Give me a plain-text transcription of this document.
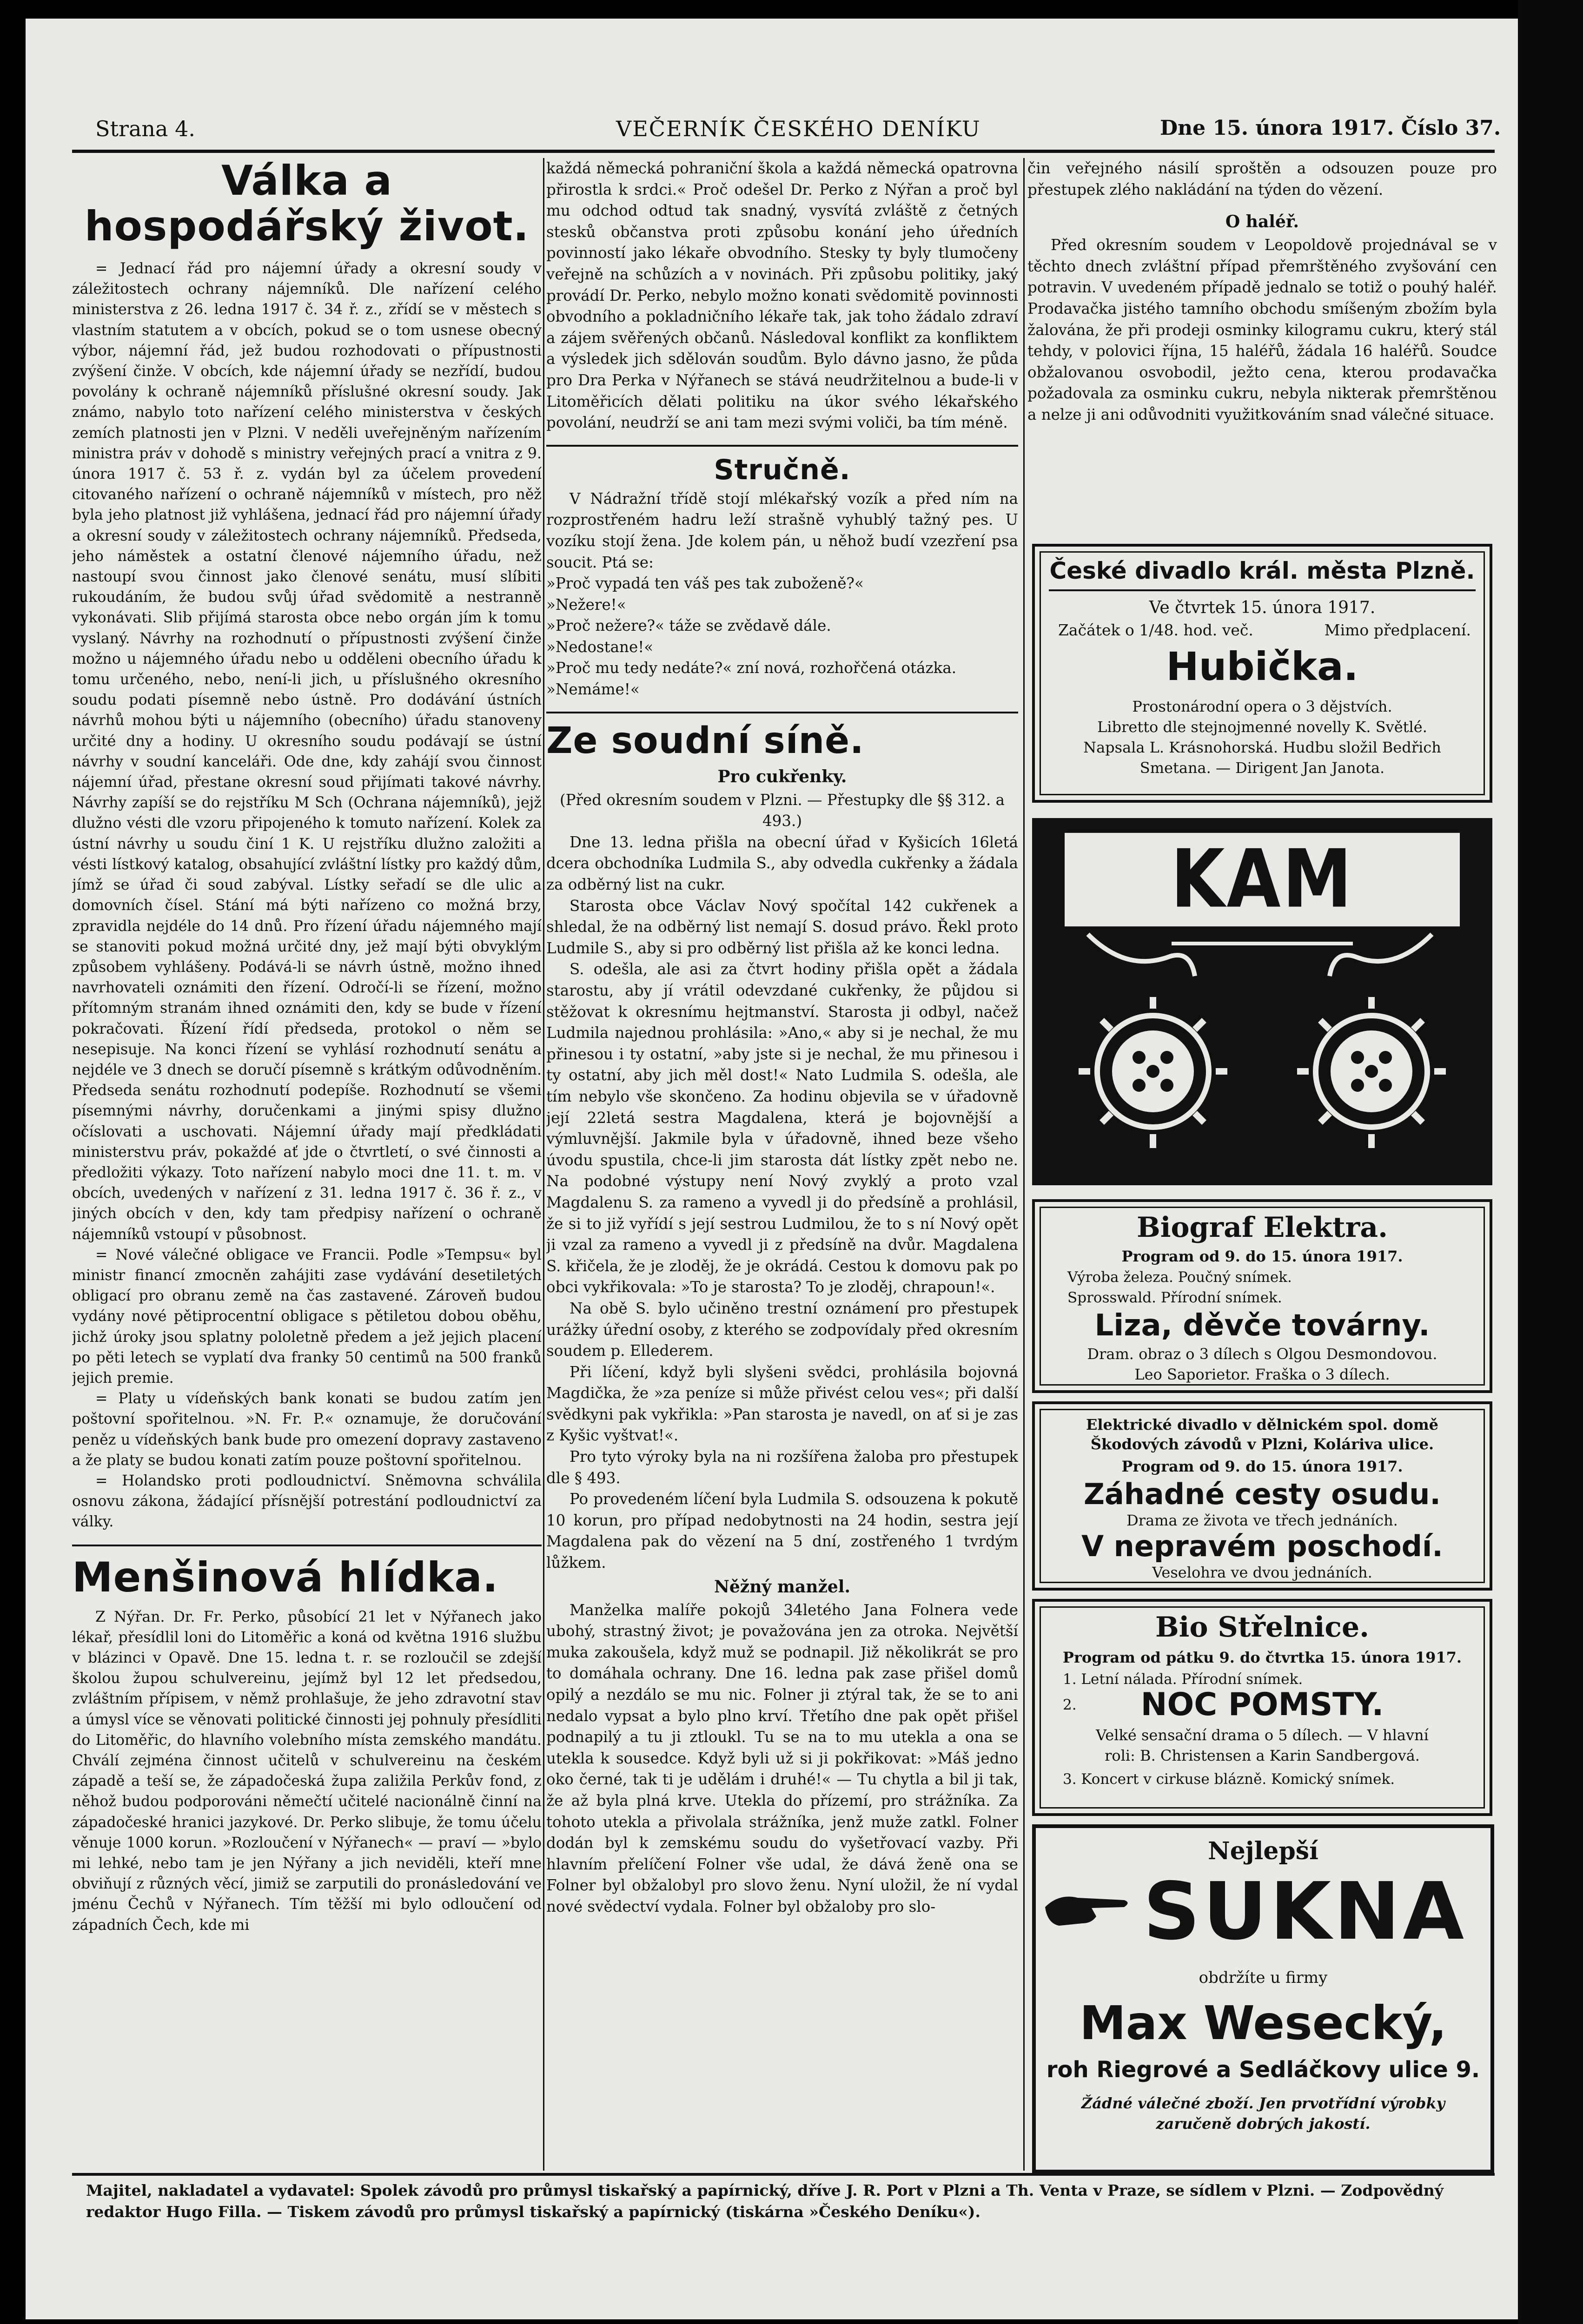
Strana 4.	VEČERNÍK ČESKÉHO DENÍKU	Dne 15. února 1917. Číslo 37.
Válka a hospodářský život.

= Jednací řád pro nájemní úřady a okresní soudy v záležitostech ochrany nájemníků. Dle nařízení celého ministerstva z 26. ledna 1917 č. 34 ř. z., zřídí se v městech s vlastním statutem a v obcích, pokud se o tom usnese obecný výbor, nájemní řád, jež budou rozhodovati o přípustnosti zvýšení činže. V obcích, kde nájemní úřady se nezřídí, budou povolány k ochraně nájemníků příslušné okresní soudy. Jak známo, nabylo toto nařízení celého ministerstva v českých zemích platnosti jen v Plzni. V neděli uveřejněným nařízením ministra práv v dohodě s ministry veřejných prací a vnitra z 9. února 1917 č. 53 ř. z. vydán byl za účelem provedení citovaného nařízení o ochraně nájemníků v místech, pro něž byla jeho platnost již vyhlášena, jednací řád pro nájemní úřady a okresní soudy v záležitostech ochrany nájemníků. Předseda, jeho náměstek a ostatní členové nájemního úřadu, než nastoupí svou činnost jako členové senátu, musí slíbiti rukoudáním, že budou svůj úřad svědomitě a nestranně vykonávati. Slib přijímá starosta obce nebo orgán jím k tomu vyslaný. Návrhy na rozhodnutí o přípustnosti zvýšení činže možno u nájemného úřadu nebo u odděleni obecního úřadu k tomu určeného, nebo, není-li jich, u příslušného okresního soudu podati písemně nebo ústně. Pro dodávání ústních návrhů mohou býti u nájemního (obecního) úřadu stanoveny určité dny a hodiny. U okresního soudu podávají se ústní návrhy v soudní kanceláři. Ode dne, kdy zahájí svou činnost nájemní úřad, přestane okresní soud přijímati takové návrhy. Návrhy zapíší se do rejstříku M Sch (Ochrana nájemníků), jejž dlužno vésti dle vzoru připojeného k tomuto nařízení. Kolek za ústní návrhy u soudu činí 1 K. U rejstříku dlužno založiti a vésti lístkový katalog, obsahující zvláštní lístky pro každý dům, jímž se úřad či soud zabýval. Lístky seřadí se dle ulic a domovních čísel. Stání má býti nařízeno co možná brzy, zpravidla nejdéle do 14 dnů. Pro řízení úřadu nájemného mají se stanoviti pokud možná určité dny, jež mají býti obvyklým způsobem vyhlášeny. Podává-li se návrh ústně, možno ihned navrhovateli oznámiti den řízení. Odročí-li se řízení, možno přítomným stranám ihned oznámiti den, kdy se bude v řízení pokračovati. Řízení řídí předseda, protokol o něm se nesepisuje. Na konci řízení se vyhlásí rozhodnutí senátu a nejdéle ve 3 dnech se doručí písemně s krátkým odůvodněním. Předseda senátu rozhodnutí podepíše. Rozhodnutí se všemi písemnými návrhy, doručenkami a jinými spisy dlužno očíslovati a uschovati. Nájemní úřady mají předkládati ministerstvu práv, pokaždé ať jde o čtvrtletí, o své činnosti a předložiti výkazy. Toto nařízení nabylo moci dne 11. t. m. v obcích, uvedených v nařízení z 31. ledna 1917 č. 36 ř. z., v jiných obcích v den, kdy tam předpisy nařízení o ochraně nájemníků vstoupí v působnost.

= Nové válečné obligace ve Francii. Podle »Tempsu« byl ministr financí zmocněn zahájiti zase vydávání desetiletých obligací pro obranu země na čas zastavené. Zároveň budou vydány nové pětiprocentní obligace s pětiletou dobou oběhu, jichž úroky jsou splatny pololetně předem a jež jejich placení po pěti letech se vyplatí dva franky 50 centimů na 500 franků jejich premie.

= Platy u vídeňských bank konati se budou zatím jen poštovní spořitelnou. »N. Fr. P.« oznamuje, že doručování peněz u vídeňských bank bude pro omezení dopravy zastaveno a že platy se budou konati zatím pouze poštovní spořitelnou.

= Holandsko proti podloudnictví. Sněmovna schválila osnovu zákona, žádající přísnější potrestání podloudnictví za války.

Menšinová hlídka.

Z Nýřan. Dr. Fr. Perko, působící 21 let v Nýřanech jako lékař, přesídlil loni do Litoměřic a koná od května 1916 službu v blázinci v Opavě. Dne 15. ledna t. r. se rozloučil se zdejší školou župou schulvereinu, jejímž byl 12 let předsedou, zvláštním přípisem, v němž prohlašuje, že jeho zdravotní stav a úmysl více se věnovati politické činnosti jej pohnuly přesídliti do Litoměřic, do hlavního volebního místa zemského mandátu. Chválí zejména činnost učitelů v schulvereinu na českém západě a teší se, že západočeská župa zaližila Perkův fond, z něhož budou podporováni němečtí učitelé nacionálně činní na západočeské hranici jazykové. Dr. Perko slibuje, že tomu účelu věnuje 1000 korun. »Rozloučení v Nýřanech« — praví — »bylo mi lehké, nebo tam je jen Nýřany a jich neviděli, kteří mne obviňují z různých věcí, jimiž se zarputili do pronásledování ve jménu Čechů v Nýřanech. Tím těžší mi bylo odloučení od západních Čech, kde mi

každá německá pohraniční škola a každá německá opatrovna přirostla k srdci.« Proč odešel Dr. Perko z Nýřan a proč byl mu odchod odtud tak snadný, vysvítá zvláště z četných stesků občanstva proti způsobu konání jeho úředních povinností jako lékaře obvodního. Stesky ty byly tlumočeny veřejně na schůzích a v novinách. Při způsobu politiky, jaký provádí Dr. Perko, nebylo možno konati svědomitě povinnosti obvodního a pokladničního lékaře tak, jak toho žádalo zdraví a zájem svěřených občanů. Následoval konflikt za konfliktem a výsledek jich sdělován soudům. Bylo dávno jasno, že půda pro Dra Perka v Nýřanech se stává neudržitelnou a bude-li v Litoměřicích dělati politiku na úkor svého lékařského povolání, neudrží se ani tam mezi svými voliči, ba tím méně.

Stručně.

V Nádražní třídě stojí mlékařský vozík a před ním na rozprostřeném hadru leží strašně vyhublý tažný pes. U vozíku stojí žena. Jde kolem pán, u něhož budí vzezření psa soucit. Ptá se:

»Proč vypadá ten váš pes tak zuboženě?«

»Nežere!«

»Proč nežere?« táže se zvědavě dále.

»Nedostane!«

»Proč mu tedy nedáte?« zní nová, rozhořčená otázka.

»Nemáme!«

Ze soudní síně.
Pro cukřenky.

(Před okresním soudem v Plzni. — Přestupky dle §§ 312. a 493.)

Dne 13. ledna přišla na obecní úřad v Kyšicích 16letá dcera obchodníka Ludmila S., aby odvedla cukřenky a žádala za odběrný list na cukr.

Starosta obce Václav Nový spočítal 142 cukřenek a shledal, že na odběrný list nemají S. dosud právo. Řekl proto Ludmile S., aby si pro odběrný list přišla až ke konci ledna.

S. odešla, ale asi za čtvrt hodiny přišla opět a žádala starostu, aby jí vrátil odevzdané cukřenky, že půjdou si stěžovat k okresnímu hejtmanství. Starosta ji odbyl, načež Ludmila najednou prohlásila: »Ano,« aby si je nechal, že mu přinesou i ty ostatní, »aby jste si je nechal, že mu přinesou i ty ostatní, aby jich měl dost!« Nato Ludmila S. odešla, ale tím nebylo vše skončeno. Za hodinu objevila se v úřadovně její 22letá sestra Magdalena, která je bojovnější a výmluvnější. Jakmile byla v úřadovně, ihned beze všeho úvodu spustila, chce-li jim starosta dát lístky zpět nebo ne. Na podobné výstupy není Nový zvyklý a proto vzal Magdalenu S. za rameno a vyvedl ji do předsíně a prohlásil, že si to již vyřídí s její sestrou Ludmilou, že to s ní Nový opět ji vzal za rameno a vyvedl ji z předsíně na dvůr. Magdalena S. křičela, že je zloděj, že je okrádá. Cestou k domovu pak po obci vykřikovala: »To je starosta? To je zloděj, chrapoun!«.

Na obě S. bylo učiněno trestní oznámení pro přestupek urážky úřední osoby, z kterého se zodpovídaly před okresním soudem p. Ellederem.

Při líčení, když byli slyšeni svědci, prohlásila bojovná Magdička, že »za peníze si může přivést celou ves«; při další svědkyni pak vykřikla: »Pan starosta je navedl, on ať si je zas z Kyšic vyštvat!«.

Pro tyto výroky byla na ni rozšířena žaloba pro přestupek dle § 493.

Po provedeném líčení byla Ludmila S. odsouzena k pokutě 10 korun, pro případ nedobytnosti na 24 hodin, sestra její Magdalena pak do vězení na 5 dní, zostřeného 1 tvrdým lůžkem.

Něžný manžel.

Manželka malíře pokojů 34letého Jana Folnera vede ubohý, strastný život; je považována jen za otroka. Největší muka zakoušela, když muž se podnapil. Již několikrát se pro to domáhala ochrany. Dne 16. ledna pak zase přišel domů opilý a nezdálo se mu nic. Folner ji ztýral tak, že se to ani nedalo vypsat a bylo plno krví. Třetího dne pak opět přišel podnapilý a tu ji ztloukl. Tu se na to mu utekla a ona se utekla k sousedce. Když byli už si ji pokřikovat: »Máš jedno oko černé, tak ti je udělám i druhé!« — Tu chytla a bil ji tak, že až byla plná krve. Utekla do přízemí, pro strážníka. Za tohoto utekla a přivolala strážníka, jenž muže zatkl. Folner dodán byl k zemskému soudu do vyšetřovací vazby. Při hlavním přelíčení Folner vše udal, že dává ženě ona se Folner byl obžalobyl pro slovo ženu. Nyní uložil, že ní vydal nové svědectví vydala. Folner byl obžaloby pro slo-

čin veřejného násilí sproštěn a odsouzen pouze pro přestupek zlého nakládání na týden do vězení.

O haléř.

Před okresním soudem v Leopoldově projednával se v těchto dnech zvláštní případ přemrštěného zvyšování cen potravin. V uvedeném případě jednalo se totiž o pouhý haléř. Prodavačka jistého tamního obchodu smíšeným zbožím byla žalována, že při prodeji osminky kilogramu cukru, který stál tehdy, v polovici října, 15 haléřů, žádala 16 haléřů. Soudce obžalovanou osvobodil, ježto cena, kterou prodavačka požadovala za osminku cukru, nebyla nikterak přemrštěnou a nelze ji ani odůvodniti využitkováním snad válečné situace.

České divadlo král. města Plzně.
Ve čtvrtek 15. února 1917.
Začátek o 1/48. hod. več.	Mimo předplacení.
Hubička.
Prostonárodní opera o 3 dějstvích.
Libretto dle stejnojmenné novelly K. Světlé.
Napsala L. Krásnohorská. Hudbu složil Bedřich
Smetana. — Dirigent Jan Janota.
KAM DNES?
Biograf Elektra.
Program od 9. do 15. února 1917.
Výroba železa. Poučný snímek.
Sprosswald. Přírodní snímek.
Liza, děvče továrny.
Dram. obraz o 3 dílech s Olgou Desmondovou.
Leo Saporietor. Fraška o 3 dílech.
Elektrické divadlo v dělnickém spol. domě
Škodových závodů v Plzni, Koláriva ulice.
Program od 9. do 15. února 1917.
Záhadné cesty osudu.
Drama ze života ve třech jednáních.
V nepravém poschodí.
Veselohra ve dvou jednáních.
Bio Střelnice.
Program od pátku 9. do čtvrtka 15. února 1917.
1. Letní nálada. Přírodní snímek.
2.	NOC POMSTY.
Velké sensační drama o 5 dílech. — V hlavní
roli: B. Christensen a Karin Sandbergová.
3. Koncert v cirkuse blázně. Komický snímek.
Nejlepší
SUKNA
obdržíte u firmy
Max Wesecký,
roh Riegrové a Sedláčkovy ulice 9.
Žádné válečné zboží. Jen prvotřídní výrobky
zaručeně dobrých jakostí.

Majitel, nakladatel a vydavatel: Spolek závodů pro průmysl tiskařský a papírnický, dříve J. R. Port v Plzni a Th. Venta v Praze, se sídlem v Plzni. — Zodpovědný redaktor Hugo Filla. — Tiskem závodů pro průmysl tiskařský a papírnický (tiskárna »Českého Deníku«).
